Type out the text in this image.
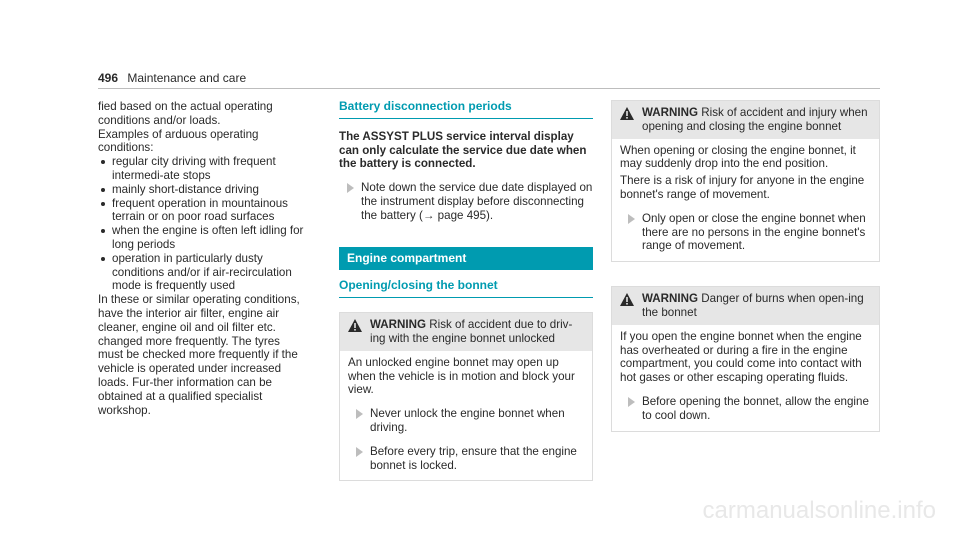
496 Maintenance and care

fied based on the actual operating conditions and/or loads.

Examples of arduous operating conditions:

regular city driving with frequent intermedi-ate stops
mainly short-distance driving
frequent operation in mountainous terrain or on poor road surfaces
when the engine is often left idling for long periods
operation in particularly dusty conditions and/or if air-recirculation mode is frequently used

In these or similar operating conditions, have the interior air filter, engine air cleaner, engine oil and oil filter etc. changed more frequently. The tyres must be checked more frequently if the vehicle is operated under increased loads. Fur-ther information can be obtained at a qualified specialist workshop.

Battery disconnection periods

The ASSYST PLUS service interval display can only calculate the service due date when the battery is connected.

Note down the service due date displayed on the instrument display before disconnecting the battery (→ page 495).
Engine compartment
Opening/closing the bonnet
WARNING Risk of accident due to driv-ing with the engine bonnet unlocked

An unlocked engine bonnet may open up when the vehicle is in motion and block your view.

Never unlock the engine bonnet when driving.
Before every trip, ensure that the engine bonnet is locked.
WARNING Risk of accident and injury when opening and closing the engine bonnet

When opening or closing the engine bonnet, it may suddenly drop into the end position.

There is a risk of injury for anyone in the engine bonnet's range of movement.

Only open or close the engine bonnet when there are no persons in the engine bonnet's range of movement.
WARNING Danger of burns when open-ing the bonnet

If you open the engine bonnet when the engine has overheated or during a fire in the engine compartment, you could come into contact with hot gases or other escaping operating fluids.

Before opening the bonnet, allow the engine to cool down.
carmanualsonline.info
